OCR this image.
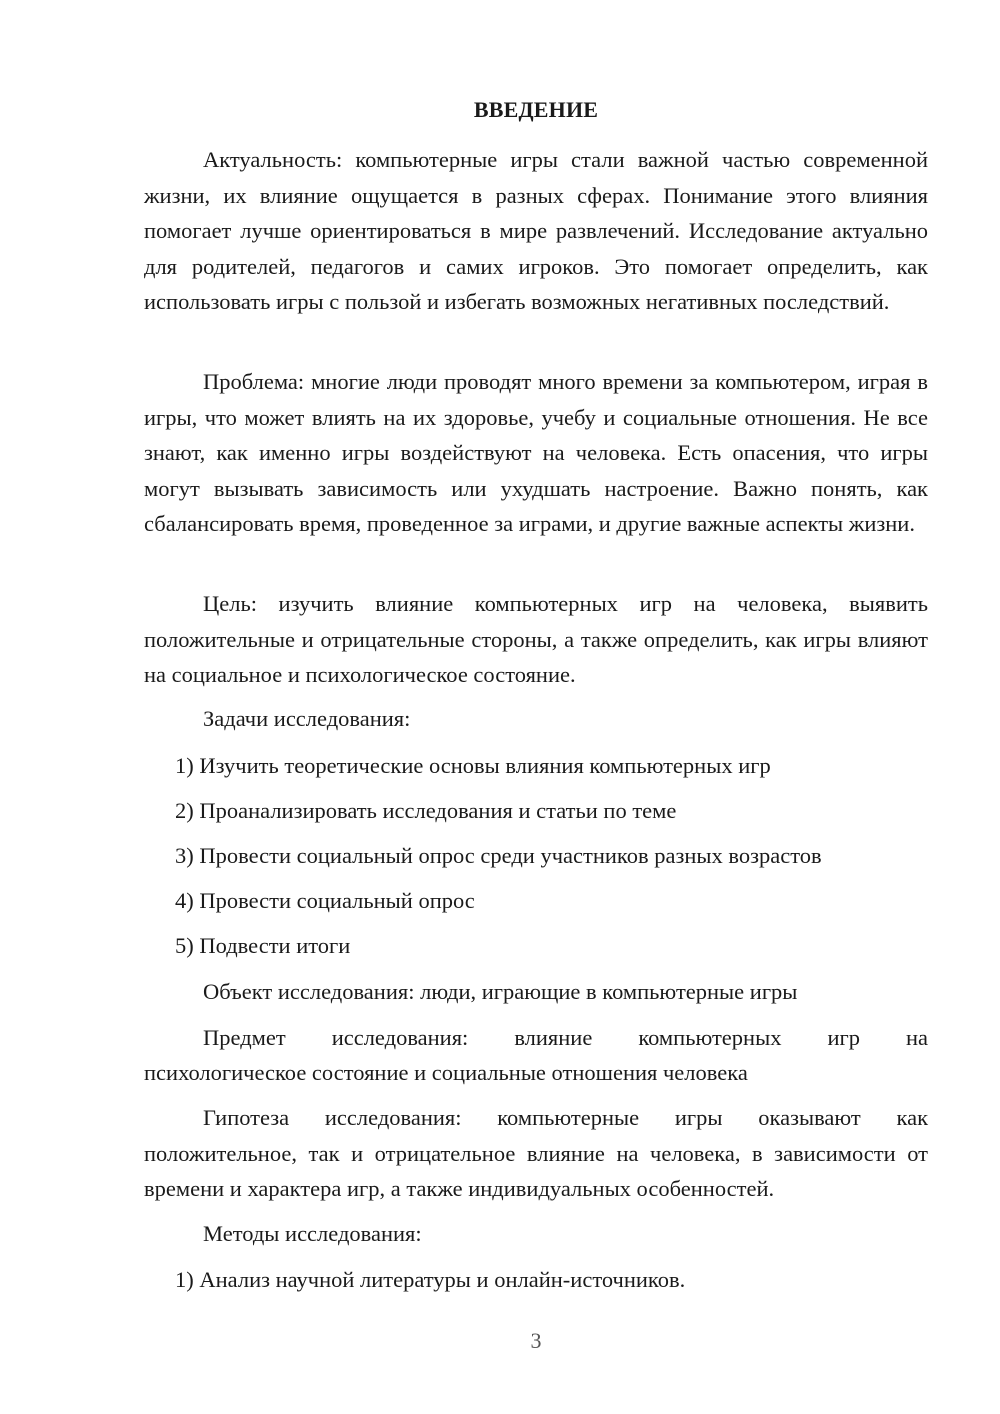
ВВЕДЕНИЕ
Актуальность: компьютерные игры стали важной частью современной жизни, их влияние ощущается в разных сферах. Понимание этого влияния помогает лучше ориентироваться в мире развлечений. Исследование актуально для родителей, педагогов и самих игроков. Это помогает определить, как использовать игры с пользой и избегать возможных негативных последствий.
Проблема: многие люди проводят много времени за компьютером, играя в игры, что может влиять на их здоровье, учебу и социальные отношения. Не все знают, как именно игры воздействуют на человека. Есть опасения, что игры могут вызывать зависимость или ухудшать настроение. Важно понять, как сбалансировать время, проведенное за играми, и другие важные аспекты жизни.
Цель: изучить влияние компьютерных игр на человека, выявить положительные и отрицательные стороны, а также определить, как игры влияют на социальное и психологическое состояние.
Задачи исследования:
1) Изучить теоретические основы влияния компьютерных игр
2) Проанализировать исследования и статьи по теме
3) Провести социальный опрос среди участников разных возрастов
4) Провести социальный опрос
5) Подвести итоги
Объект исследования: люди, играющие в компьютерные игры
Предмет исследования: влияние компьютерных игр на
психологическое состояние и социальные отношения человека
Гипотеза исследования: компьютерные игры оказывают как положительное, так и отрицательное влияние на человека, в зависимости от времени и характера игр, а также индивидуальных особенностей.
Методы исследования:
1) Анализ научной литературы и онлайн-источников.
3
